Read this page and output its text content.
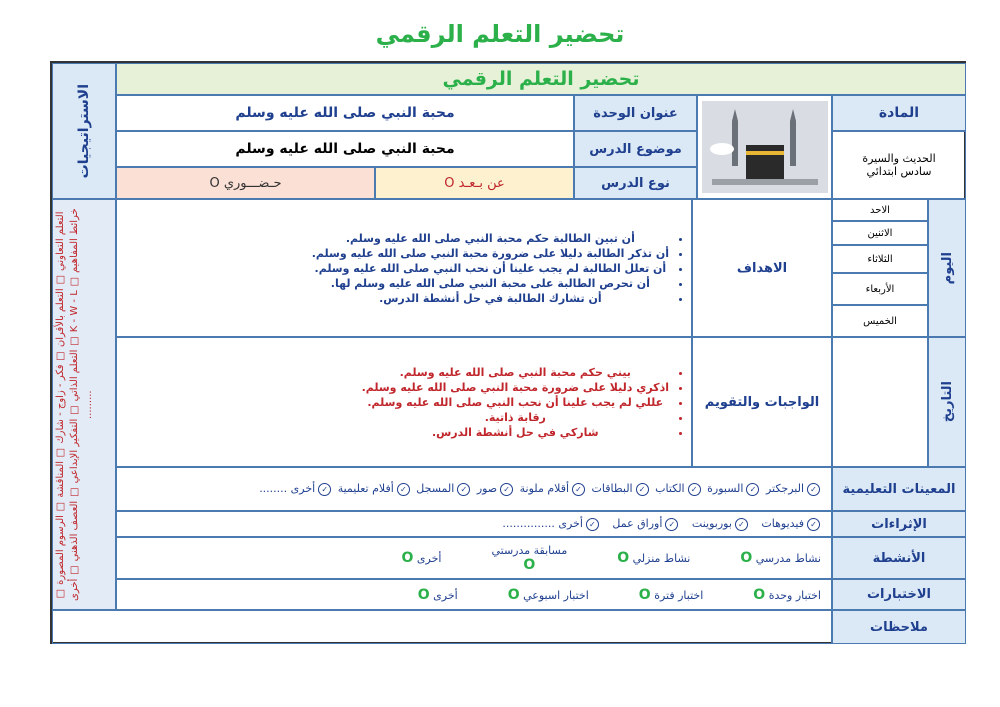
تحضير التعلم الرقمي
تحضير التعلم الرقمي
الاستراتيجيات
التعلم التعاوني □ التعلم بالأقران □ فكر - زاوج - شارك □ المناقشة □ الرسوم المصورة □ خرائط المفاهيم □ K - W - L □ التعلم الذاتي □ التفكير الإبداعي □ العصف الذهني □ أخرى .........
المادة
الحديث والسيرة
سادس ابتدائي
عنوان الوحدة
محبة النبي صلى الله عليه وسلم
موضوع الدرس
محبة النبي صلى الله عليه وسلم
نوع الدرس
عن بـعـد O
حـضـــوري O
اليوم
التاريخ
الاحد
الاثنين
الثلاثاء
الأربعاء
الخميس
الاهداف
• أن تبين الطالبة حكم محبة النبي صلى الله عليه وسلم.
• أن تذكر الطالبة دليلا على ضرورة محبة النبي صلى الله عليه وسلم.
• أن تعلل الطالبة لم يجب علينا أن نحب النبي صلى الله عليه وسلم.
• أن تحرص الطالبة على محبة النبي صلى الله عليه وسلم لها.
• أن تشارك الطالبة في حل أنشطة الدرس.
الواجبات والتقويم
• بيني حكم محبة النبي صلى الله عليه وسلم.
• اذكري دليلا على ضرورة محبة النبي صلى الله عليه وسلم.
• عللي لم يجب علينا أن نحب النبي صلى الله عليه وسلم.
• رقابة ذاتية.
• شاركي في حل أنشطة الدرس.
المعينات التعليمية
✓البرجكتر ✓السبورة ✓الكتاب ✓البطاقات ✓أقلام ملونة ✓صور ✓المسجل ✓أفلام تعليمية ✓أخرى ........
الإثراءات
✓فيديوهات   ✓بوربوينت   ✓أوراق عمل   ✓أخرى ...............
الأنشطة
نشاط مدرسي O
نشاط منزلي O
مسابقة مدرستي
O
أخرى O
الاختبارات
اختبار وحدة O
اختبار فترة O
اختبار اسبوعي O
أخرى O
ملاحظات
